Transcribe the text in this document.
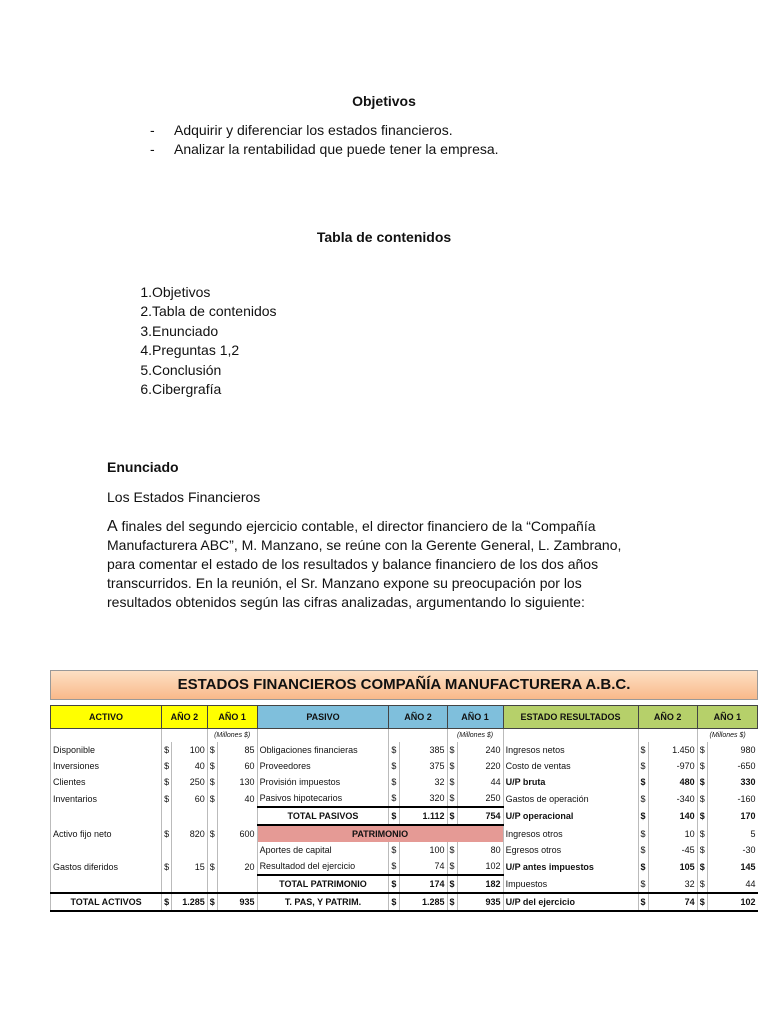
Objetivos
- Adquirir y diferenciar los estados financieros.
- Analizar la rentabilidad que puede tener la empresa.
Tabla de contenidos
1.Objetivos
2.Tabla de contenidos
3.Enunciado
4.Preguntas 1,2
5.Conclusión
6.Cibergrafía
Enunciado
Los Estados Financieros
A finales del segundo ejercicio contable, el director financiero de la “Compañía
Manufacturera ABC”, M. Manzano, se reúne con la Gerente General, L. Zambrano,
para comentar el estado de los resultados y balance financiero de los dos años
transcurridos. En la reunión, el Sr. Manzano expone su preocupación por los
resultados obtenidos según las cifras analizadas, argumentando lo siguiente:
ESTADOS FINANCIEROS COMPAÑÍA MANUFACTURERA A.B.C.

ACTIVO	AÑO 2		AÑO 1		PASIVO	AÑO 2		AÑO 1		ESTADO RESULTADOS	AÑO 2		AÑO 1	
			(Millones $)					(Millones $)					(Millones $)	
Disponible	$	100	$	85	Obligaciones financieras	$	385	$	240	Ingresos netos	$	1.450	$	980
Inversiones	$	40	$	60	Proveedores	$	375	$	220	Costo de ventas	$	-970	$	-650
Clientes	$	250	$	130	Provisión impuestos	$	32	$	44	U/P bruta	$	480	$	330
Inventarios	$	60	$	40	Pasivos hipotecarios	$	320	$	250	Gastos de operación	$	-340	$	-160
					TOTAL PASIVOS	$	1.112	$	754	U/P operacional	$	140	$	170
Activo fijo neto	$	820	$	600	PATRIMONIO					Ingresos otros	$	10	$	5
					Aportes de capital	$	100	$	80	Egresos otros	$	-45	$	-30
Gastos diferidos	$	15	$	20	Resultadod del ejercicio	$	74	$	102	U/P antes impuestos	$	105	$	145
					TOTAL PATRIMONIO	$	174	$	182	Impuestos	$	32	$	44
TOTAL ACTIVOS	$	1.285	$	935	T. PAS, Y PATRIM.	$	1.285	$	935	U/P del ejercicio	$	74	$	102
